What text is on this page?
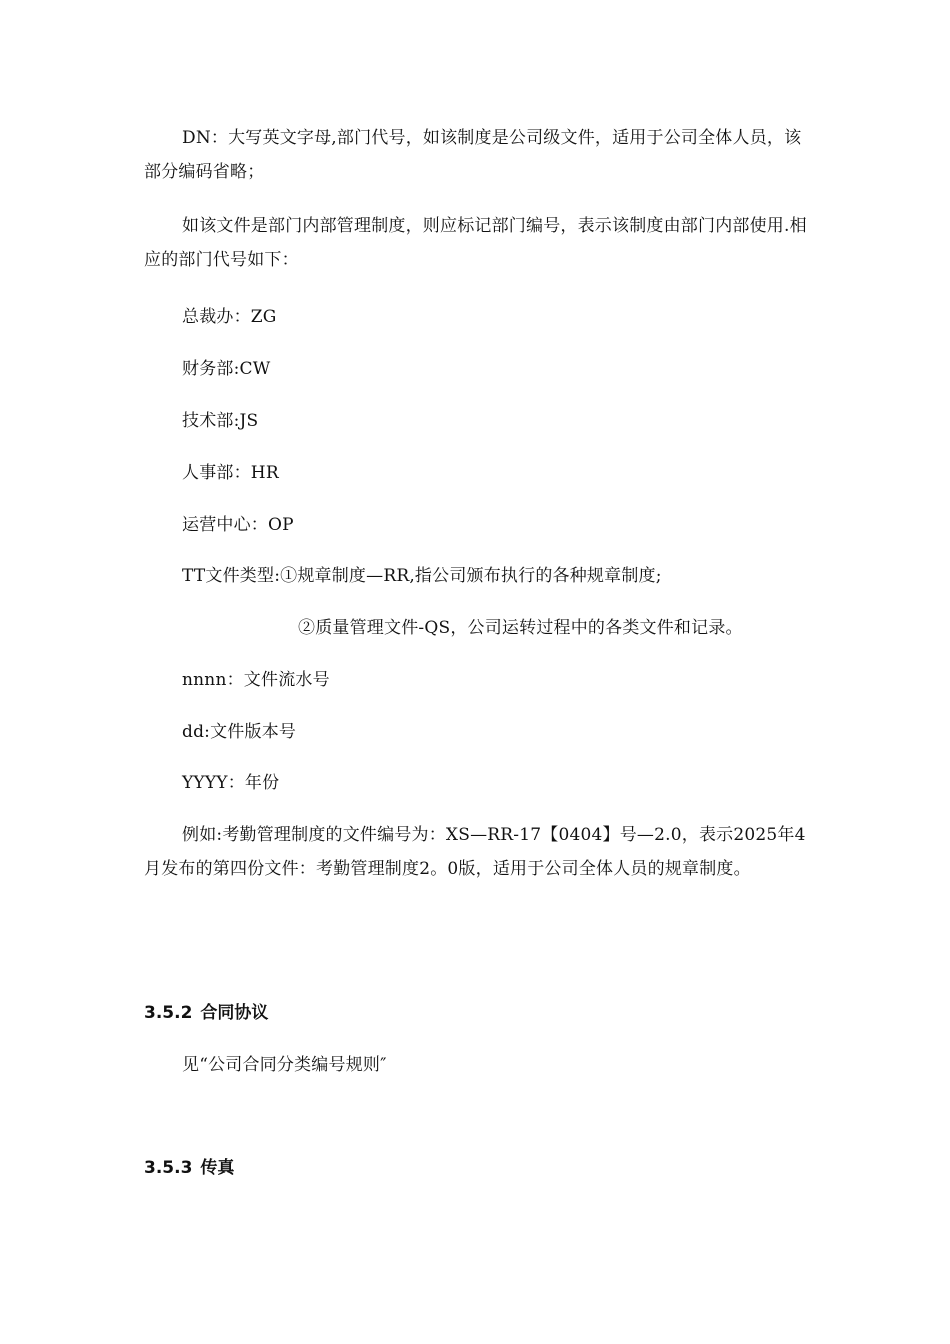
DN：大写英文字母,部门代号，如该制度是公司级文件，适用于公司全体人员，该部分编码省略；
如该文件是部门内部管理制度，则应标记部门编号，表示该制度由部门内部使用.相应的部门代号如下：
总裁办：ZG
财务部:CW
技术部:JS
人事部：HR
运营中心：OP
TT文件类型:①规章制度—RR,指公司颁布执行的各种规章制度;
②质量管理文件-QS，公司运转过程中的各类文件和记录。
nnnn：文件流水号
dd:文件版本号
YYYY：年份
例如:考勤管理制度的文件编号为：XS—RR-17【0404】号—2.0，表示2025年4月发布的第四份文件：考勤管理制度2。0版，适用于公司全体人员的规章制度。
3.5.2 合同协议
见“公司合同分类编号规则″
3.5.3 传真
